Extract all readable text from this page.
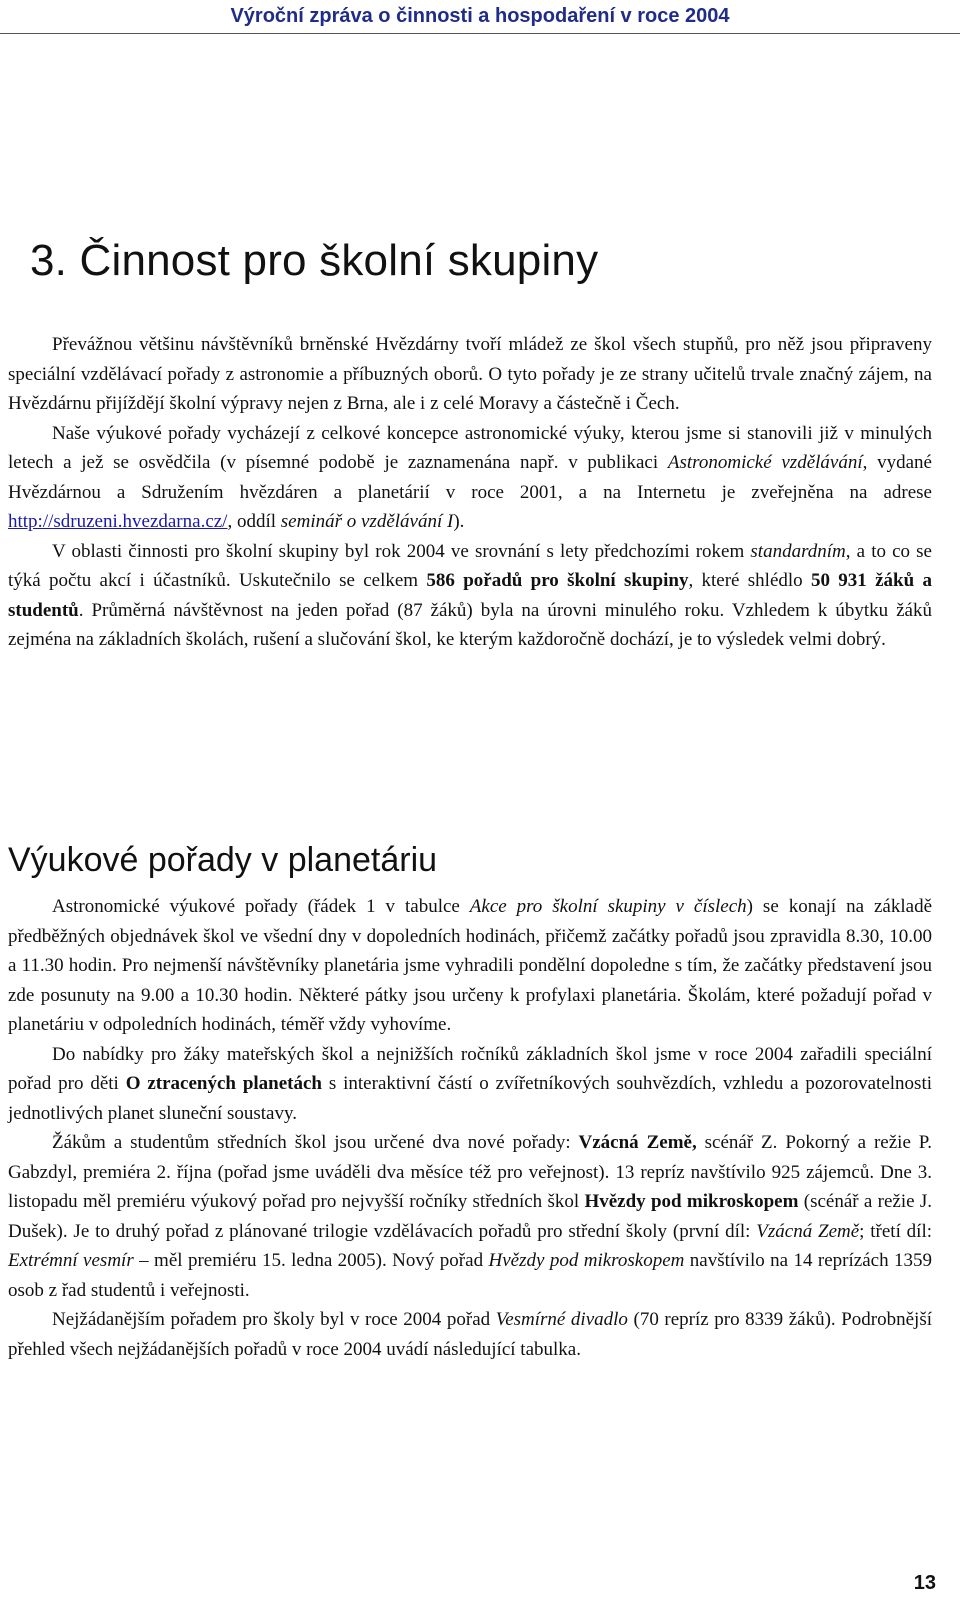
Výroční zpráva o činnosti a hospodaření v roce 2004
3. Činnost pro školní skupiny

Převážnou většinu návštěvníků brněnské Hvězdárny tvoří mládež ze škol všech stupňů, pro něž jsou připraveny speciální vzdělávací pořady z astronomie a příbuzných oborů. O tyto pořady je ze strany učitelů trvale značný zájem, na Hvězdárnu přijíždějí školní výpravy nejen z Brna, ale i z celé Moravy a částečně i Čech.

Naše výukové pořady vycházejí z celkové koncepce astronomické výuky, kterou jsme si stanovili již v minulých letech a jež se osvědčila (v písemné podobě je zaznamenána např. v publikaci Astronomické vzdělávání, vydané Hvězdárnou a Sdružením hvězdáren a planetárií v roce 2001, a na Internetu je zveřejněna na adrese http://sdruzeni.hvezdarna.cz/, oddíl seminář o vzdělávání I).

V oblasti činnosti pro školní skupiny byl rok 2004 ve srovnání s lety předchozími rokem standardním, a to co se týká počtu akcí i účastníků. Uskutečnilo se celkem 586 pořadů pro školní skupiny, které shlédlo 50 931 žáků a studentů. Průměrná návštěvnost na jeden pořad (87 žáků) byla na úrovni minulého roku. Vzhledem k úbytku žáků zejména na základních školách, rušení a slučování škol, ke kterým každoročně dochází, je to výsledek velmi dobrý.

Výukové pořady v planetáriu

Astronomické výukové pořady (řádek 1 v tabulce Akce pro školní skupiny v číslech) se konají na základě předběžných objednávek škol ve všední dny v dopoledních hodinách, přičemž začátky pořadů jsou zpravidla 8.30, 10.00 a 11.30 hodin. Pro nejmenší návštěvníky planetária jsme vyhradili pondělní dopoledne s tím, že začátky představení jsou zde posunuty na 9.00 a 10.30 hodin. Některé pátky jsou určeny k profylaxi planetária. Školám, které požadují pořad v planetáriu v odpoledních hodinách, téměř vždy vyhovíme.

Do nabídky pro žáky mateřských škol a nejnižších ročníků základních škol jsme v roce 2004 zařadili speciální pořad pro děti O ztracených planetách s interaktivní částí o zvířetníkových souhvězdích, vzhledu a pozorovatelnosti jednotlivých planet sluneční soustavy.

Žákům a studentům středních škol jsou určené dva nové pořady: Vzácná Země, scénář Z. Pokorný a režie P. Gabzdyl, premiéra 2. října (pořad jsme uváděli dva měsíce též pro veřejnost). 13 repríz navštívilo 925 zájemců. Dne 3. listopadu měl premiéru výukový pořad pro nejvyšší ročníky středních škol Hvězdy pod mikroskopem (scénář a režie J. Dušek). Je to druhý pořad z plánované trilogie vzdělávacích pořadů pro střední školy (první díl: Vzácná Země; třetí díl: Extrémní vesmír – měl premiéru 15. ledna 2005). Nový pořad Hvězdy pod mikroskopem navštívilo na 14 reprízách 1359 osob z řad studentů i veřejnosti.

Nejžádanějším pořadem pro školy byl v roce 2004 pořad Vesmírné divadlo (70 repríz pro 8339 žáků). Podrobnější přehled všech nejžádanějších pořadů v roce 2004 uvádí následující tabulka.

13
